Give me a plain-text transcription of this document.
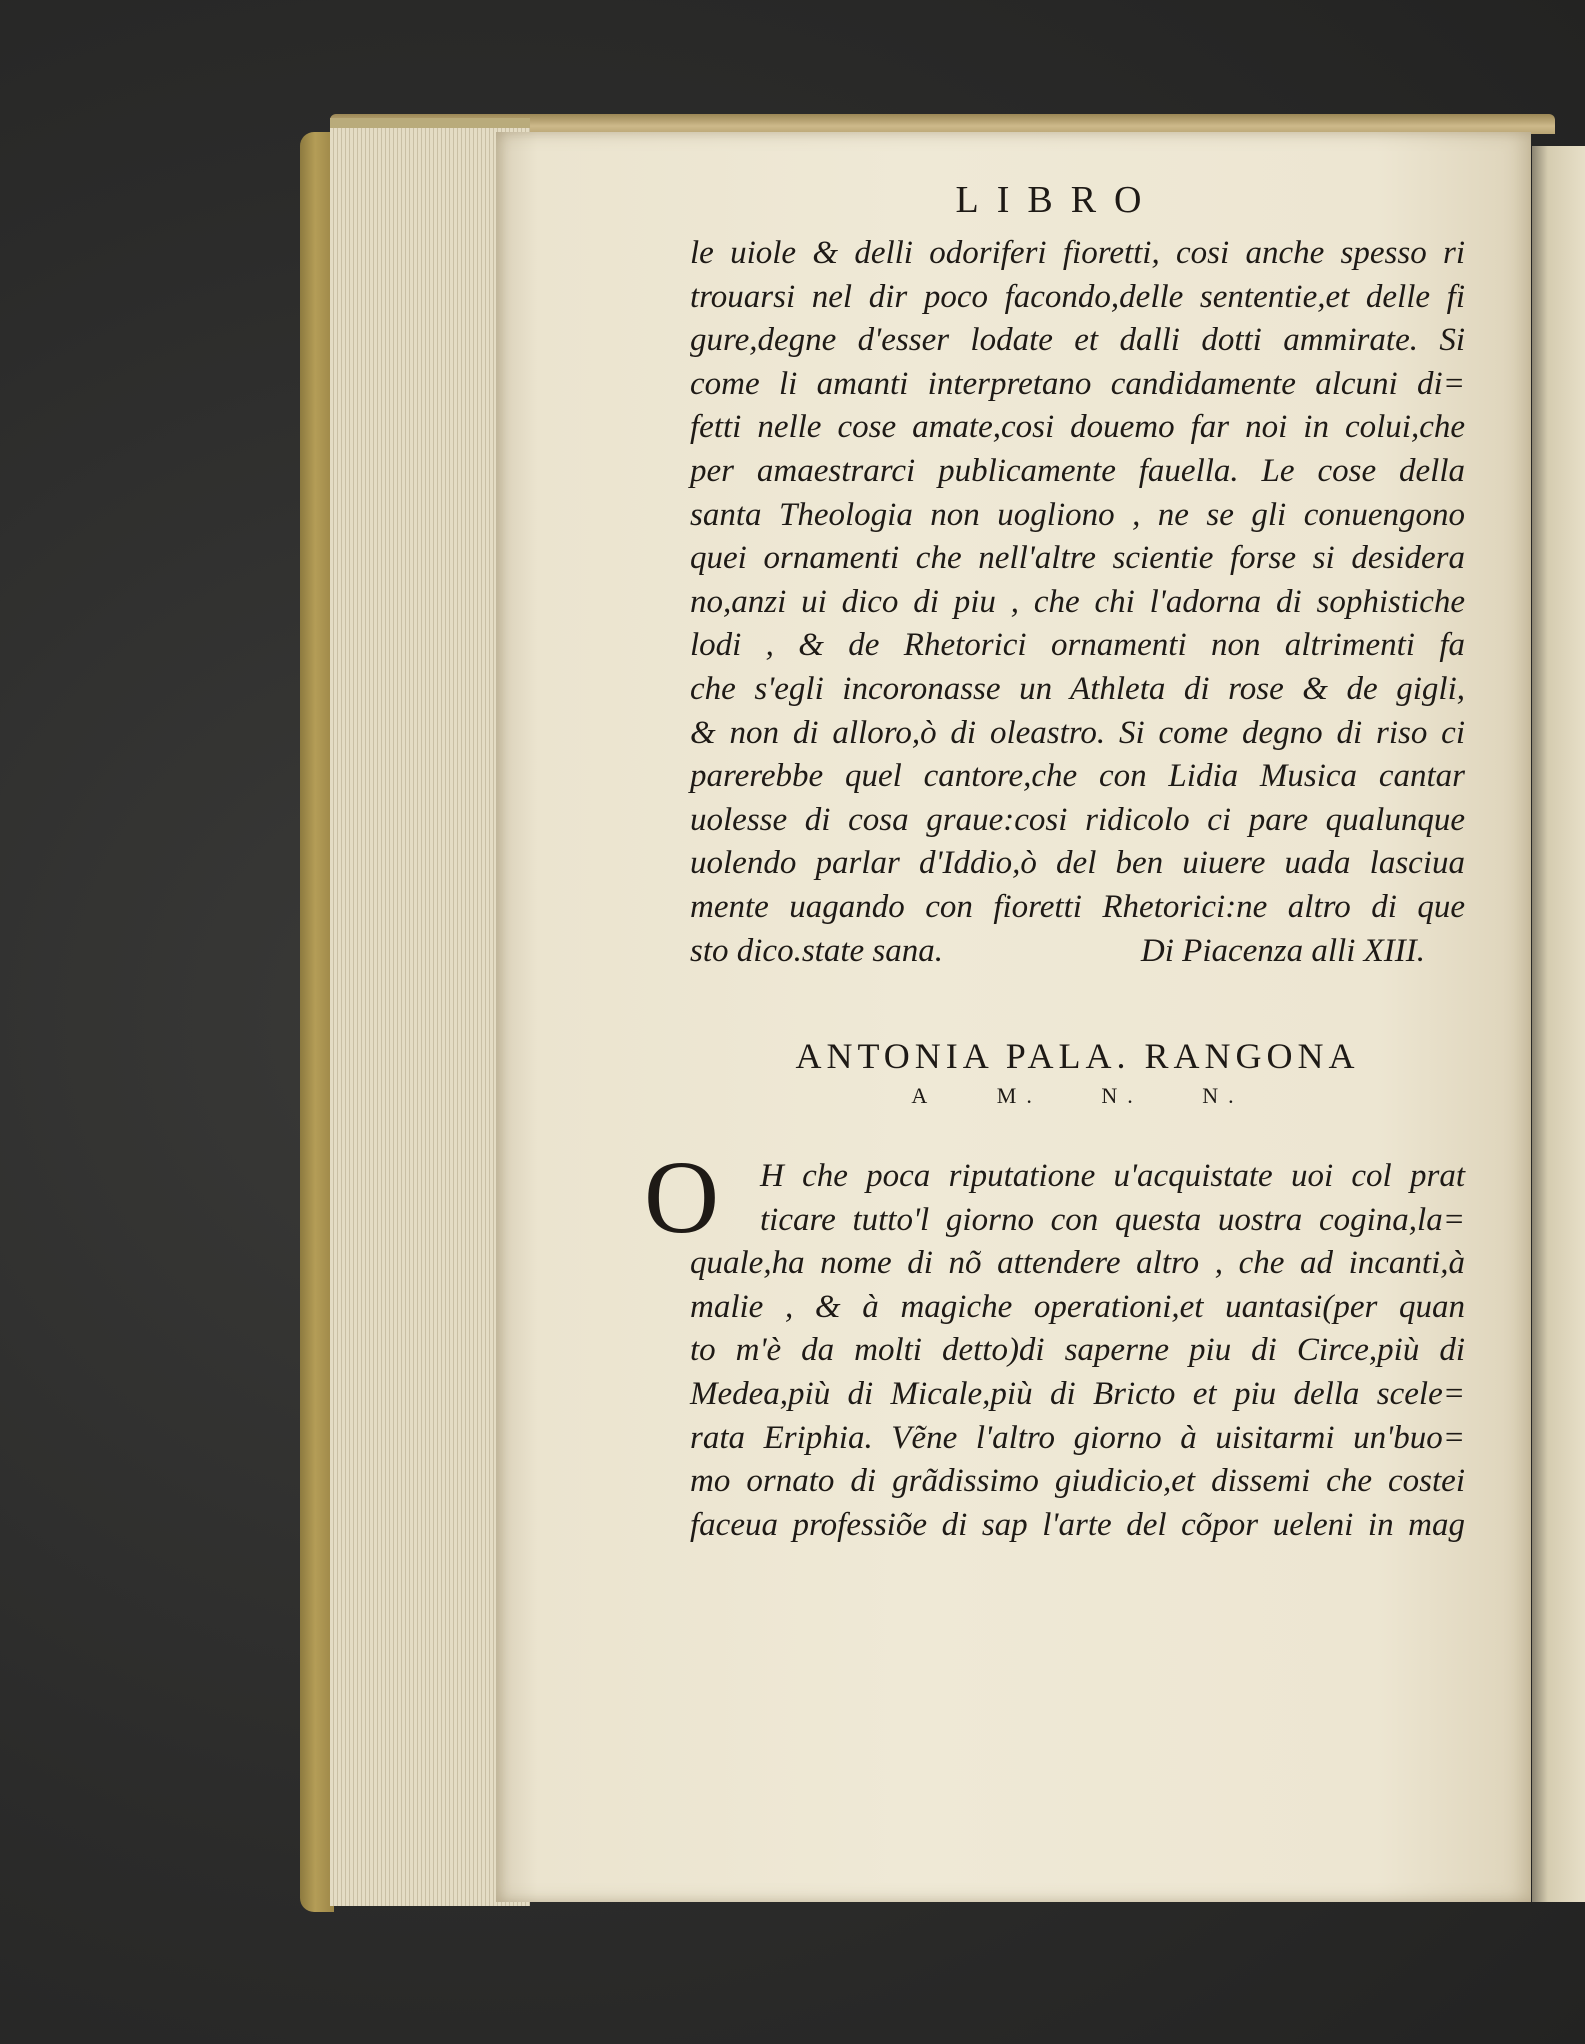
LIBRO
le uiole & delli odoriferi fioretti, cosi anche spesso ri
trouarsi nel dir poco facondo,delle sententie,et delle fi
gure,degne d'esser lodate et dalli dotti ammirate. Si
come li amanti interpretano candidamente alcuni di=
fetti nelle cose amate,cosi douemo far noi in colui,che
per amaestrarci publicamente fauella. Le cose della
santa Theologia non uogliono , ne se gli conuengono
quei ornamenti che nell'altre scientie forse si desidera
no,anzi ui dico di piu , che chi l'adorna di sophistiche
lodi , & de Rhetorici ornamenti non altrimenti fa
che s'egli incoronasse un Athleta di rose & de gigli,
& non di alloro,ò di oleastro. Si come degno di riso ci
parerebbe quel cantore,che con Lidia Musica cantar
uolesse di cosa graue:cosi ridicolo ci pare qualunque
uolendo parlar d'Iddio,ò del ben uiuere uada lasciua
mente uagando con fioretti Rhetorici:ne altro di que
sto dico.state sana.	Di Piacenza alli XIII.
ANTONIA PALA. RANGONA
A	M.	N.	N.
O	H che poca riputatione u'acquistate uoi col prat
ticare tutto'l giorno con questa uostra cogina,la=
quale,ha nome di nõ attendere altro , che ad incanti,à
malie , & à magiche operationi,et uantasi(per quan
to m'è da molti detto)di saperne piu di Circe,più di
Medea,più di Micale,più di Bricto et piu della scele=
rata Eriphia. Vẽne l'altro giorno à uisitarmi un'buo=
mo ornato di grãdissimo giudicio,et dissemi che costei
faceua professiõe di sap l'arte del cõpor ueleni in mag
